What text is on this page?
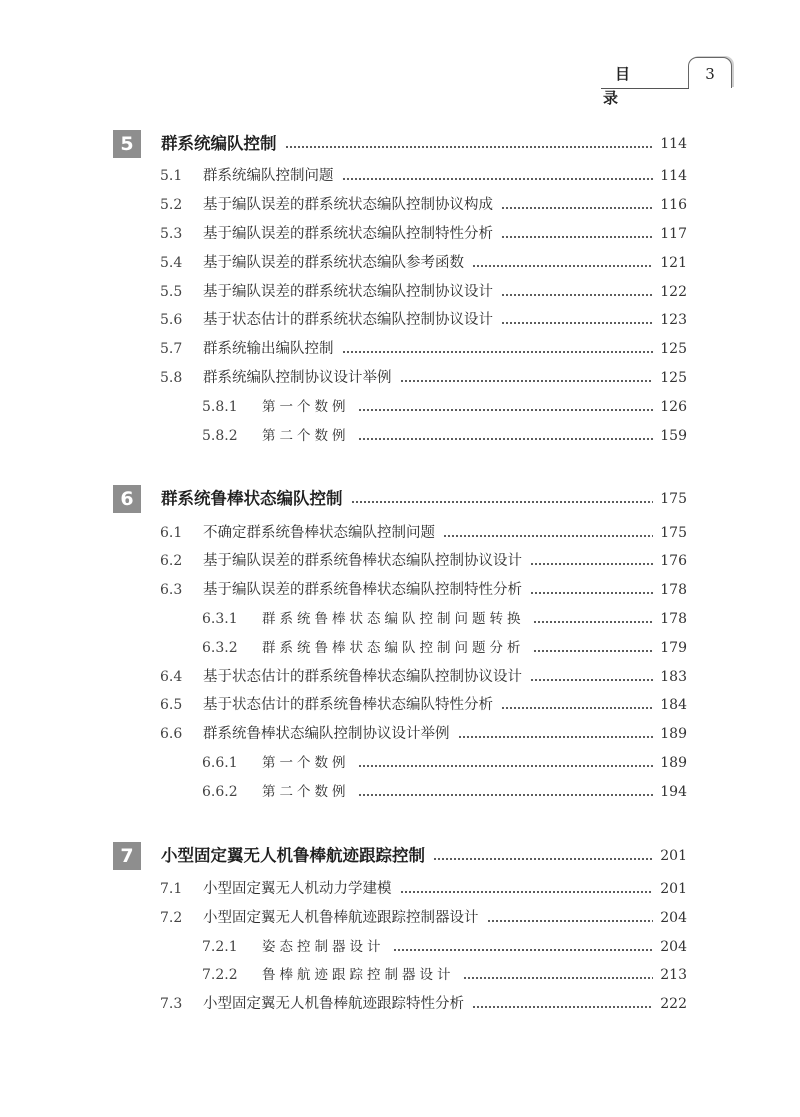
目录
3
5	群系统编队控制	114
5.1	群系统编队控制问题	114
5.2	基于编队误差的群系统状态编队控制协议构成	116
5.3	基于编队误差的群系统状态编队控制特性分析	117
5.4	基于编队误差的群系统状态编队参考函数	121
5.5	基于编队误差的群系统状态编队控制协议设计	122
5.6	基于状态估计的群系统状态编队控制协议设计	123
5.7	群系统输出编队控制	125
5.8	群系统编队控制协议设计举例	125
5.8.1	第一个数例	126
5.8.2	第二个数例	159
6	群系统鲁棒状态编队控制	175
6.1	不确定群系统鲁棒状态编队控制问题	175
6.2	基于编队误差的群系统鲁棒状态编队控制协议设计	176
6.3	基于编队误差的群系统鲁棒状态编队控制特性分析	178
6.3.1	群系统鲁棒状态编队控制问题转换	178
6.3.2	群系统鲁棒状态编队控制问题分析	179
6.4	基于状态估计的群系统鲁棒状态编队控制协议设计	183
6.5	基于状态估计的群系统鲁棒状态编队特性分析	184
6.6	群系统鲁棒状态编队控制协议设计举例	189
6.6.1	第一个数例	189
6.6.2	第二个数例	194
7	小型固定翼无人机鲁棒航迹跟踪控制	201
7.1	小型固定翼无人机动力学建模	201
7.2	小型固定翼无人机鲁棒航迹跟踪控制器设计	204
7.2.1	姿态控制器设计	204
7.2.2	鲁棒航迹跟踪控制器设计	213
7.3	小型固定翼无人机鲁棒航迹跟踪特性分析	222
